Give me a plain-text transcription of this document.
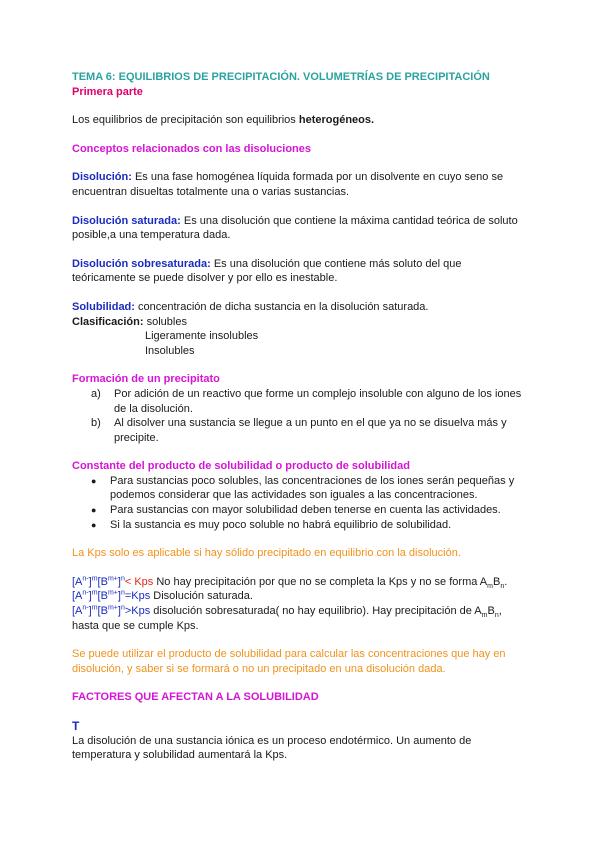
TEMA 6: EQUILIBRIOS DE PRECIPITACIÓN. VOLUMETRÍAS DE PRECIPITACIÓN

Primera parte

Los equilibrios de precipitación son equilibrios heterogéneos.

Conceptos relacionados con las disoluciones

Disolución: Es una fase homogénea líquida formada por un disolvente en cuyo seno se

encuentran disueltas totalmente una o varias sustancias.

Disolución saturada: Es una disolución que contiene la máxima cantidad teórica de soluto

posible,a una temperatura dada.

Disolución sobresaturada: Es una disolución que contiene más soluto del que

teóricamente se puede disolver y por ello es inestable.

Solubilidad: concentración de dicha sustancia en la disolución saturada.

Clasificación: solubles

Ligeramente insolubles

Insolubles

Formación de un precipitato

a) Por adición de un reactivo que forme un complejo insoluble con alguno de los iones
de la disolución.
b) Al disolver una sustancia se llegue a un punto en el que ya no se disuelva más y
precipite.

Constante del producto de solubilidad o producto de solubilidad

● Para sustancias poco solubles, las concentraciones de los iones serán pequeñas y
podemos considerar que las actividades son iguales a las concentraciones.
● Para sustancias con mayor solubilidad deben tenerse en cuenta las actividades.
● Si la sustancia es muy poco soluble no habrá equilibrio de solubilidad.

La Kps solo es aplicable si hay sólido precipitado en equilibrio con la disolución.

$[A^{n-}]^m[B^{m+}]^n<$ Kps No hay precipitación por que no se completa la Kps y no se forma $A_mB_n$.

$[A^{n-}]^m[B^{m+}]^n=Kps$ Disolución saturada.

$[A^{n-}]^m[B^{m+}]^n>Kps$ disolución sobresaturada( no hay equilibrio). Hay precipitación de $A_mB_n$,

hasta que se cumple Kps.

Se puede utilizar el producto de solubilidad para calcular las concentraciones que hay en

disolución, y saber si se formará o no un precipitado en una disolución dada.

FACTORES QUE AFECTAN A LA SOLUBILIDAD

T

La disolución de una sustancia iónica es un proceso endotérmico. Un aumento de

temperatura y solubilidad aumentará la Kps.
